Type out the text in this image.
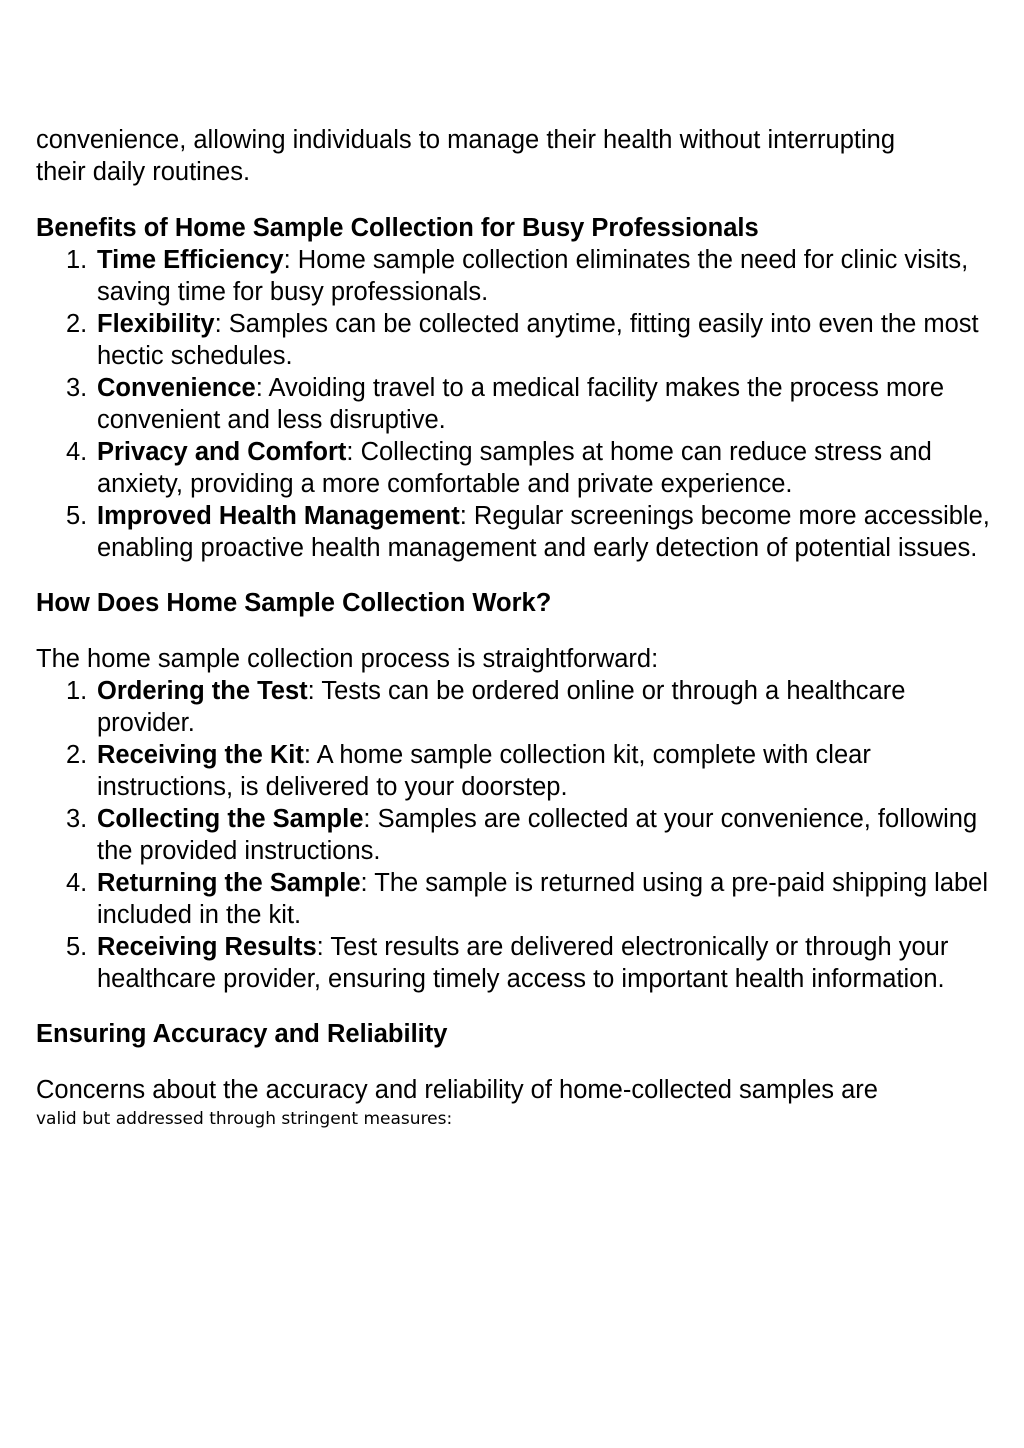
convenience, allowing individuals to manage their health without interrupting
their daily routines.

Benefits of Home Sample Collection for Busy Professionals
1. Time Efficiency: Home sample collection eliminates the need for clinic visits, saving time for busy professionals.
2. Flexibility: Samples can be collected anytime, fitting easily into even the most hectic schedules.
3. Convenience: Avoiding travel to a medical facility makes the process more convenient and less disruptive.
4. Privacy and Comfort: Collecting samples at home can reduce stress and anxiety, providing a more comfortable and private experience.
5. Improved Health Management: Regular screenings become more accessible, enabling proactive health management and early detection of potential issues.
How Does Home Sample Collection Work?

The home sample collection process is straightforward:

1. Ordering the Test: Tests can be ordered online or through a healthcare provider.
2. Receiving the Kit: A home sample collection kit, complete with clear instructions, is delivered to your doorstep.
3. Collecting the Sample: Samples are collected at your convenience, following the provided instructions.
4. Returning the Sample: The sample is returned using a pre-paid shipping label included in the kit.
5. Receiving Results: Test results are delivered electronically or through your healthcare provider, ensuring timely access to important health information.
Ensuring Accuracy and Reliability

Concerns about the accuracy and reliability of home-collected samples are

valid but addressed through stringent measures:
